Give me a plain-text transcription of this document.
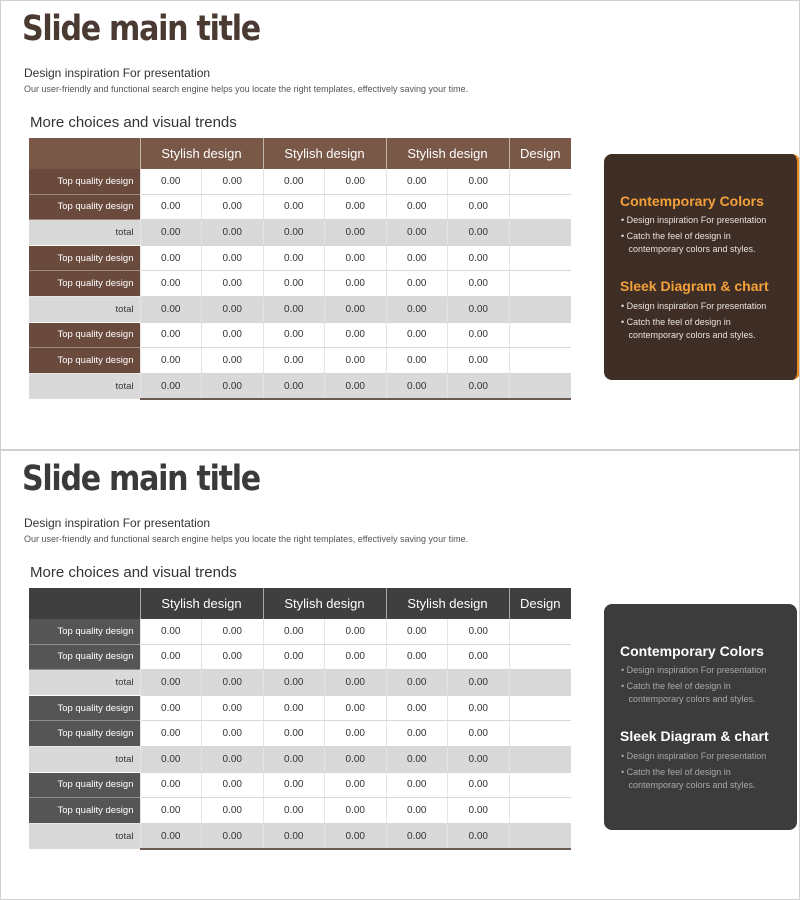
Slide main title
Design inspiration For presentation
Our user-friendly and functional search engine helps you locate the right templates, effectively saving your time.
More choices and visual trends
	Stylish design		Stylish design		Stylish design		Design
Top quality design	0.00	0.00	0.00	0.00	0.00	0.00	
Top quality design	0.00	0.00	0.00	0.00	0.00	0.00	
total	0.00	0.00	0.00	0.00	0.00	0.00	
Top quality design	0.00	0.00	0.00	0.00	0.00	0.00	
Top quality design	0.00	0.00	0.00	0.00	0.00	0.00	
total	0.00	0.00	0.00	0.00	0.00	0.00	
Top quality design	0.00	0.00	0.00	0.00	0.00	0.00	
Top quality design	0.00	0.00	0.00	0.00	0.00	0.00	
total	0.00	0.00	0.00	0.00	0.00	0.00	
Contemporary Colors
• Design inspiration For presentation
• Catch the feel of design in
contemporary colors and styles.
Sleek Diagram & chart
• Design inspiration For presentation
• Catch the feel of design in
contemporary colors and styles.
Slide main title
Design inspiration For presentation
Our user-friendly and functional search engine helps you locate the right templates, effectively saving your time.
More choices and visual trends
	Stylish design		Stylish design		Stylish design		Design
Top quality design	0.00	0.00	0.00	0.00	0.00	0.00	
Top quality design	0.00	0.00	0.00	0.00	0.00	0.00	
total	0.00	0.00	0.00	0.00	0.00	0.00	
Top quality design	0.00	0.00	0.00	0.00	0.00	0.00	
Top quality design	0.00	0.00	0.00	0.00	0.00	0.00	
total	0.00	0.00	0.00	0.00	0.00	0.00	
Top quality design	0.00	0.00	0.00	0.00	0.00	0.00	
Top quality design	0.00	0.00	0.00	0.00	0.00	0.00	
total	0.00	0.00	0.00	0.00	0.00	0.00	
Contemporary Colors
• Design inspiration For presentation
• Catch the feel of design in
contemporary colors and styles.
Sleek Diagram & chart
• Design inspiration For presentation
• Catch the feel of design in
contemporary colors and styles.
